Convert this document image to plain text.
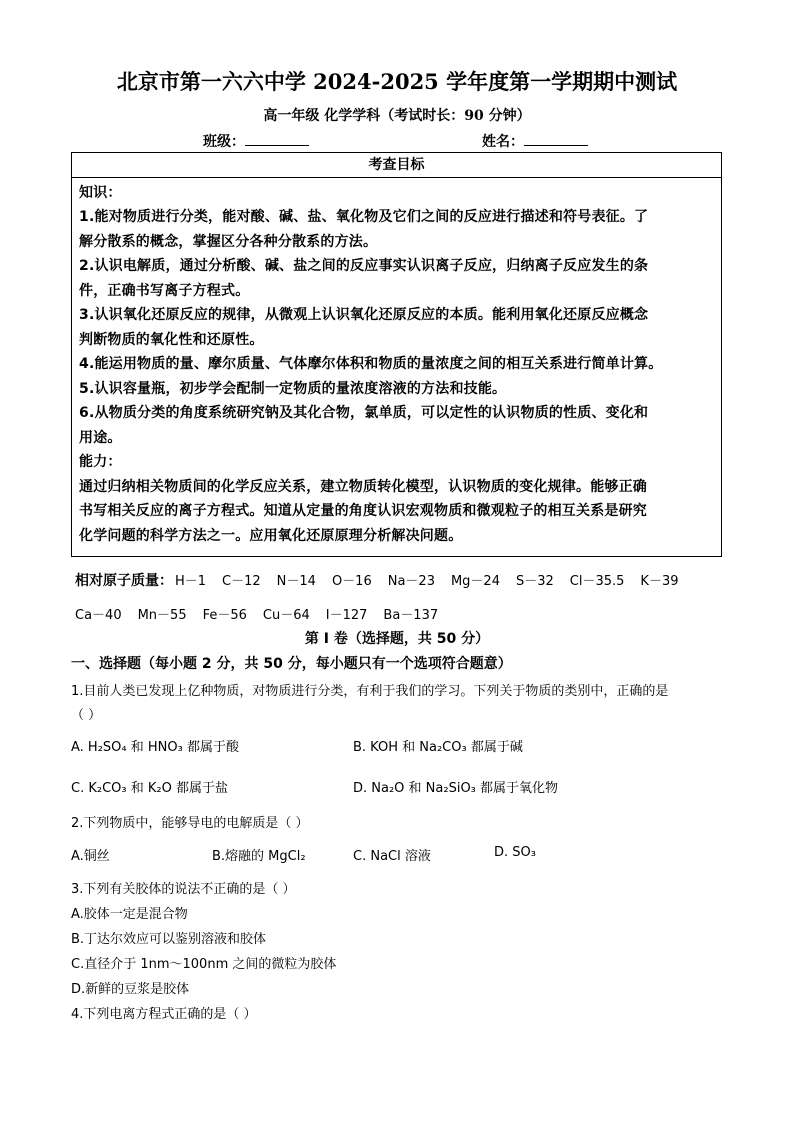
北京市第一六六中学 2024-2025 学年度第一学期期中测试
高一年级 化学学科（考试时长：90 分钟）
班级：	姓名：
考查目标
知识：
1.能对物质进行分类，能对酸、碱、盐、氧化物及它们之间的反应进行描述和符号表征。了
解分散系的概念，掌握区分各种分散系的方法。
2.认识电解质，通过分析酸、碱、盐之间的反应事实认识离子反应，归纳离子反应发生的条
件，正确书写离子方程式。
3.认识氧化还原反应的规律，从微观上认识氧化还原反应的本质。能利用氧化还原反应概念
判断物质的氧化性和还原性。
4.能运用物质的量、摩尔质量、气体摩尔体积和物质的量浓度之间的相互关系进行简单计算。
5.认识容量瓶，初步学会配制一定物质的量浓度溶液的方法和技能。
6.从物质分类的角度系统研究钠及其化合物，氯单质，可以定性的认识物质的性质、变化和
用途。
能力：
通过归纳相关物质间的化学反应关系，建立物质转化模型，认识物质的变化规律。能够正确
书写相关反应的离子方程式。知道从定量的角度认识宏观物质和微观粒子的相互关系是研究
化学问题的科学方法之一。应用氧化还原原理分析解决问题。
相对原子质量： H－1 C－12 N－14 O－16 Na－23 Mg－24 S－32 Cl－35.5 K－39
Ca－40 Mn－55 Fe－56 Cu－64 I－127 Ba－137
第 I 卷（选择题，共 50 分）
一、选择题（每小题 2 分，共 50 分，每小题只有一个选项符合题意）
1.目前人类已发现上亿种物质，对物质进行分类，有利于我们的学习。下列关于物质的类别中，正确的是
（ ）
A. H₂SO₄ 和 HNO₃ 都属于酸	B. KOH 和 Na₂CO₃ 都属于碱
C. K₂CO₃ 和 K₂O 都属于盐	D. Na₂O 和 Na₂SiO₃ 都属于氧化物
2.下列物质中，能够导电的电解质是（ ）
A.铜丝	B.熔融的 MgCl₂	C. NaCl 溶液	D. SO₃
3.下列有关胶体的说法不正确的是（ ）
A.胶体一定是混合物
B.丁达尔效应可以鉴别溶液和胶体
C.直径介于 1nm～100nm 之间的微粒为胶体
D.新鲜的豆浆是胶体
4.下列电离方程式正确的是（ ）
